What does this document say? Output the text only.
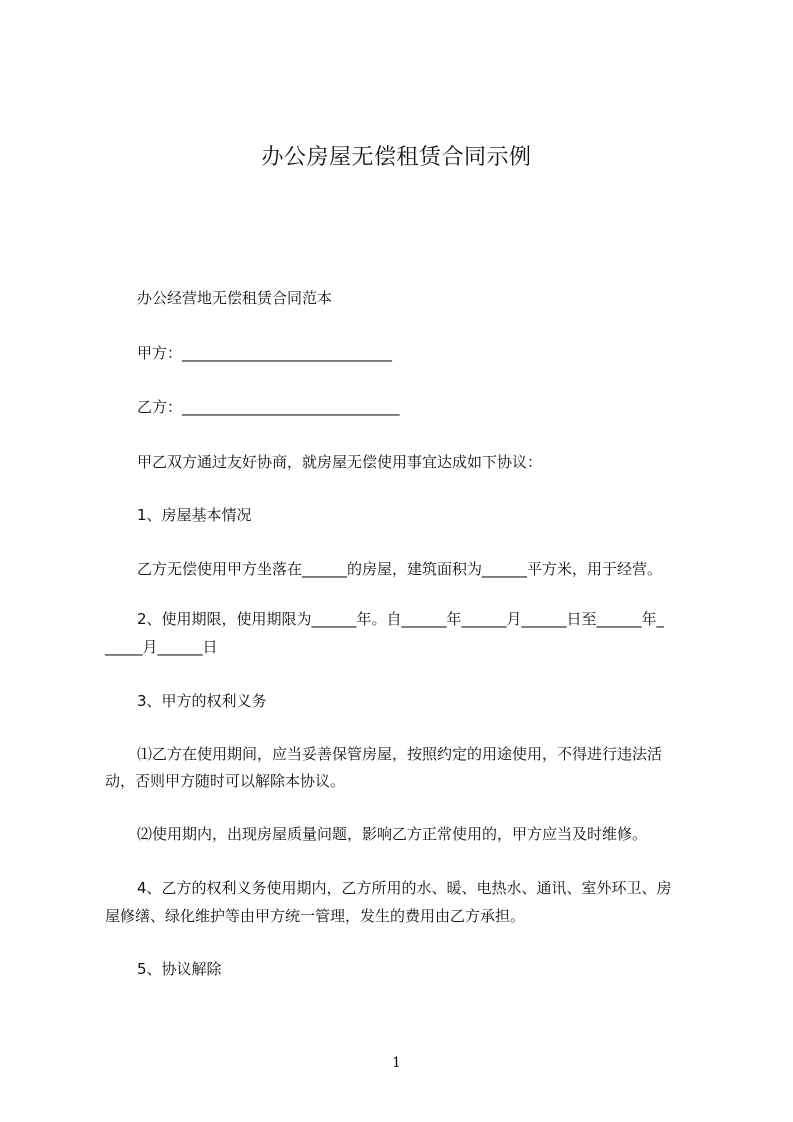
办公房屋无偿租赁合同示例
办公经营地无偿租赁合同范本
甲方：____________________________
乙方：_____________________________
甲乙双方通过友好协商，就房屋无偿使用事宜达成如下协议：
1、房屋基本情况
乙方无偿使用甲方坐落在______的房屋，建筑面积为______平方米，用于经营。
2、使用期限，使用期限为______年。自______年______月______日至______年_
_____月______日
3、甲方的权利义务
⑴乙方在使用期间，应当妥善保管房屋，按照约定的用途使用，不得进行违法活
动，否则甲方随时可以解除本协议。
⑵使用期内，出现房屋质量问题，影响乙方正常使用的，甲方应当及时维修。
4、乙方的权利义务使用期内，乙方所用的水、暖、电热水、通讯、室外环卫、房
屋修缮、绿化维护等由甲方统一管理，发生的费用由乙方承担。
5、协议解除
1
